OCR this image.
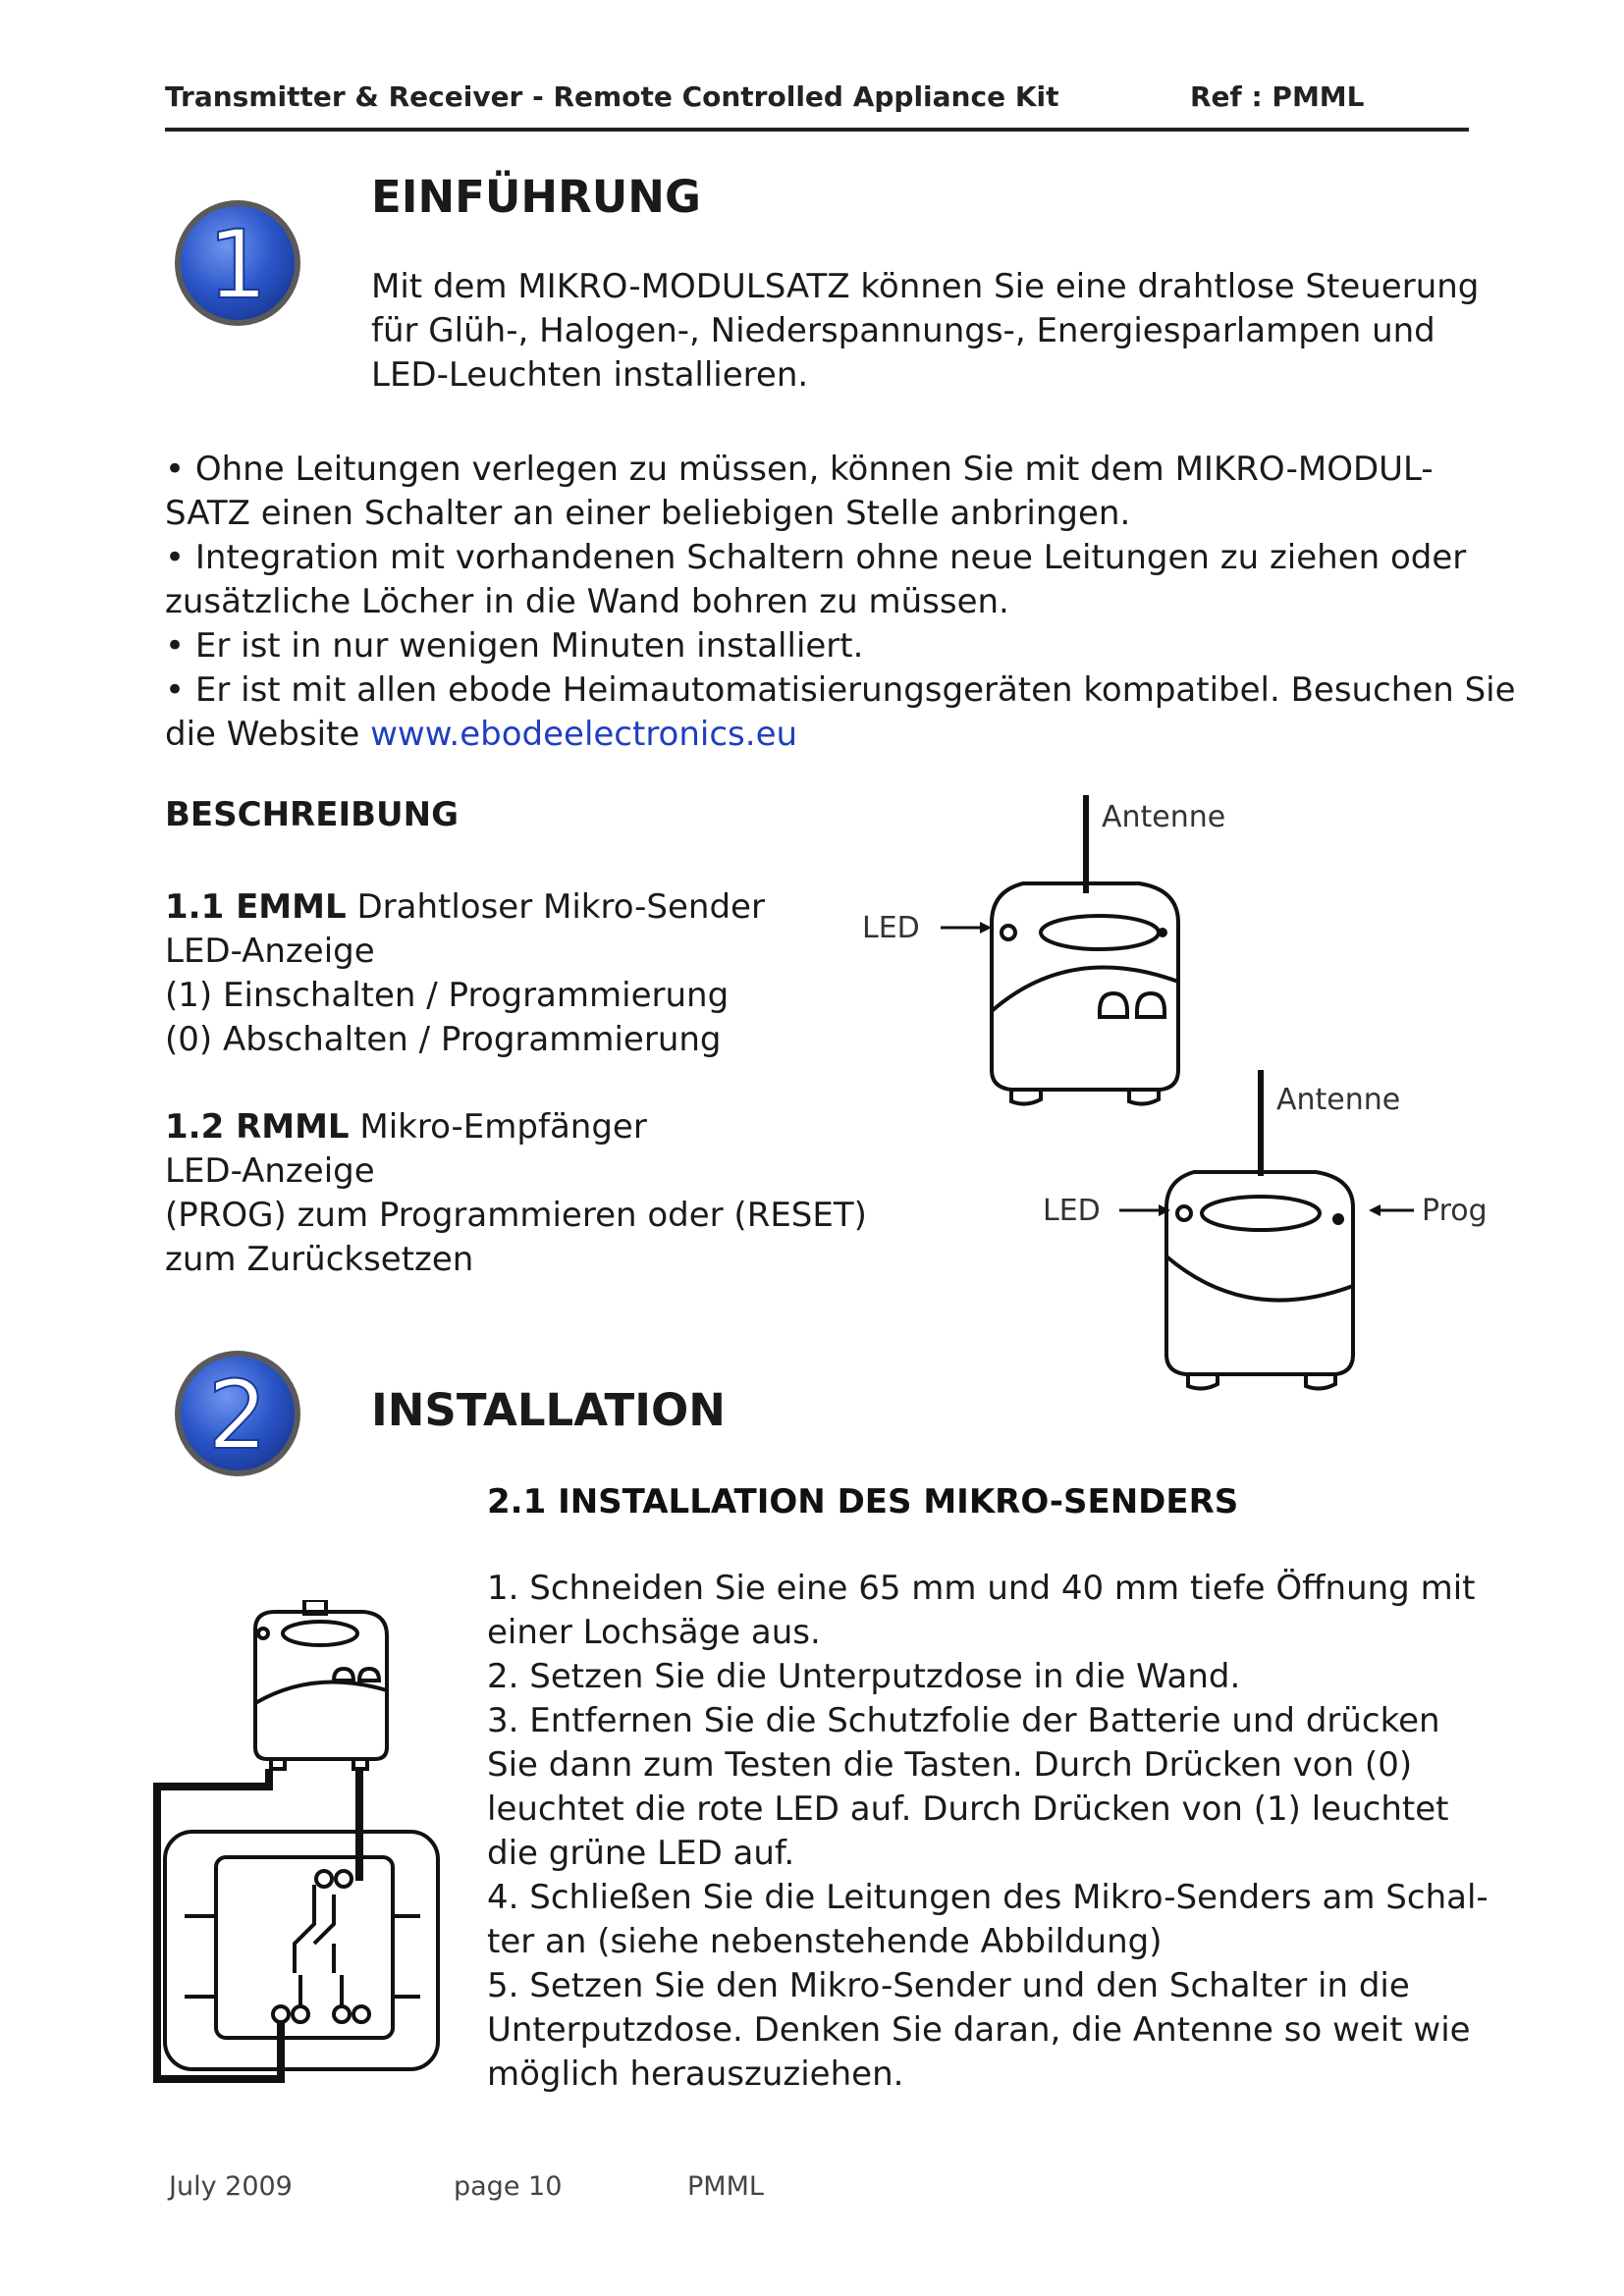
Transmitter & Receiver - Remote Controlled Appliance Kit	Ref : PMML
1
EINFÜHRUNG

Mit dem MIKRO-MODULSATZ können Sie eine drahtlose Steuerung

für Glüh-, Halogen-, Niederspannungs-, Energiesparlampen und

LED-Leuchten installieren.

• Ohne Leitungen verlegen zu müssen, können Sie mit dem MIKRO-MODUL-

SATZ einen Schalter an einer beliebigen Stelle anbringen.

• Integration mit vorhandenen Schaltern ohne neue Leitungen zu ziehen oder

zusätzliche Löcher in die Wand bohren zu müssen.

• Er ist in nur wenigen Minuten installiert.

• Er ist mit allen ebode Heimautomatisierungsgeräten kompatibel. Besuchen Sie

die Website www.ebodeelectronics.eu

BESCHREIBUNG

1.1 EMML Drahtloser Mikro-Sender

LED-Anzeige

(1) Einschalten / Programmierung

(0) Abschalten / Programmierung

1.2 RMML Mikro-Empfänger

LED-Anzeige

(PROG) zum Programmieren oder (RESET)

zum Zurücksetzen

Antenne
LED
Antenne
LED	Prog
2 INSTALLATION
2.1 INSTALLATION DES MIKRO-SENDERS

1. Schneiden Sie eine 65 mm und 40 mm tiefe Öffnung mit

einer Lochsäge aus.

2. Setzen Sie die Unterputzdose in die Wand.

3. Entfernen Sie die Schutzfolie der Batterie und drücken

Sie dann zum Testen die Tasten. Durch Drücken von (0)

leuchtet die rote LED auf. Durch Drücken von (1) leuchtet

die grüne LED auf.

4. Schließen Sie die Leitungen des Mikro-Senders am Schal-

ter an (siehe nebenstehende Abbildung)

5. Setzen Sie den Mikro-Sender und den Schalter in die

Unterputzdose. Denken Sie daran, die Antenne so weit wie

möglich herauszuziehen.

July 2009	page 10	PMML
